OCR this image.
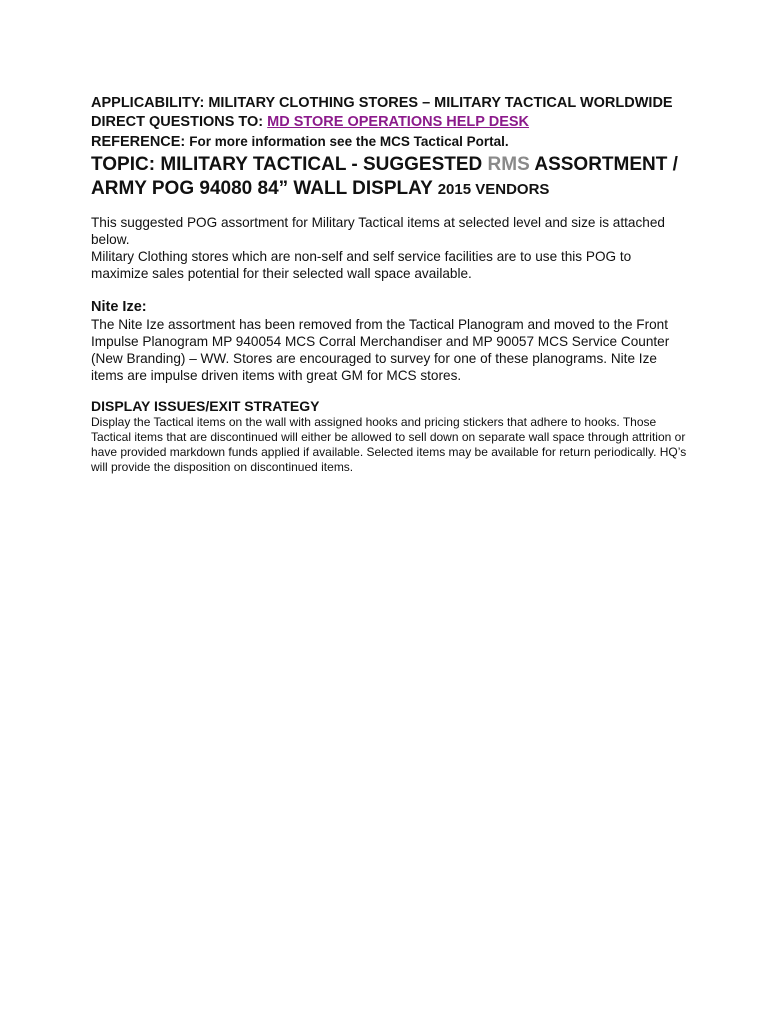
APPLICABILITY: MILITARY CLOTHING STORES – MILITARY TACTICAL WORLDWIDE
DIRECT QUESTIONS TO: MD STORE OPERATIONS HELP DESK
REFERENCE: For more information see the MCS Tactical Portal.
TOPIC: MILITARY TACTICAL - SUGGESTED RMS ASSORTMENT / ARMY POG 94080 84” WALL DISPLAY 2015 VENDORS
This suggested POG assortment for Military Tactical items at selected level and size is attached below.
Military Clothing stores which are non-self and self service facilities are to use this POG to maximize sales potential for their selected wall space available.
Nite Ize:
The Nite Ize assortment has been removed from the Tactical Planogram and moved to the Front Impulse Planogram MP 940054 MCS Corral Merchandiser and MP 90057 MCS Service Counter (New Branding) – WW. Stores are encouraged to survey for one of these planograms. Nite Ize items are impulse driven items with great GM for MCS stores.
DISPLAY ISSUES/EXIT STRATEGY
Display the Tactical items on the wall with assigned hooks and pricing stickers that adhere to hooks. Those Tactical items that are discontinued will either be allowed to sell down on separate wall space through attrition or have provided markdown funds applied if available. Selected items may be available for return periodically. HQ’s will provide the disposition on discontinued items.
